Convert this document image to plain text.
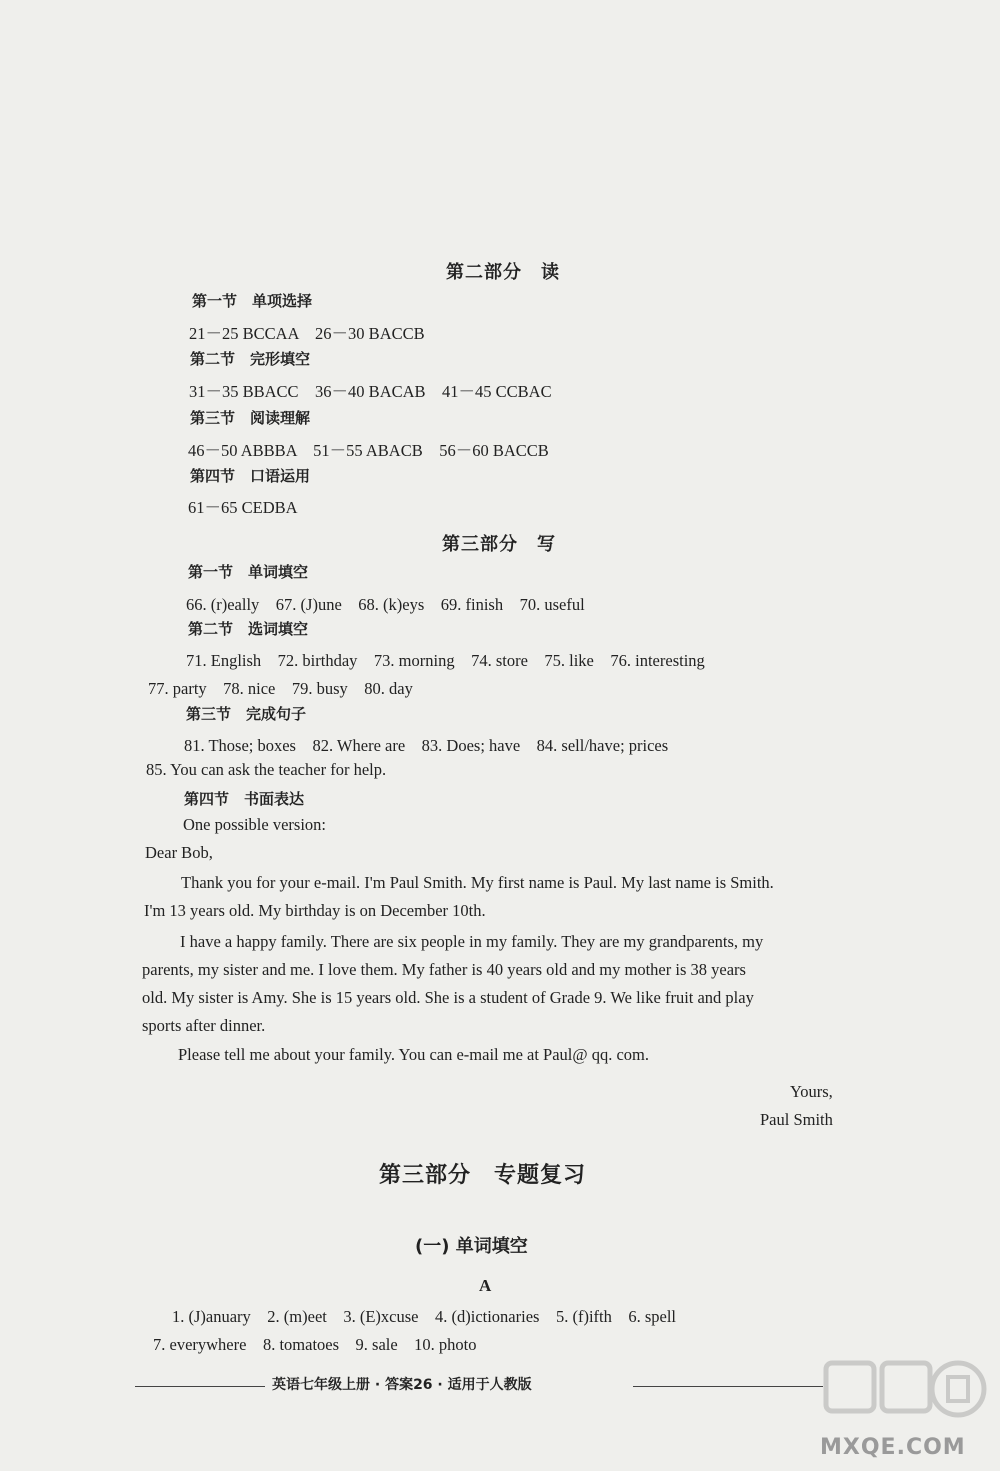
第二部分　读
第一节　单项选择
21－25 BCCAA　26－30 BACCB
第二节　完形填空
31－35 BBACC　36－40 BACAB　41－45 CCBAC
第三节　阅读理解
46－50 ABBBA　51－55 ABACB　56－60 BACCB
第四节　口语运用
61－65 CEDBA
第三部分　写
第一节　单词填空
66. (r)eally　67. (J)une　68. (k)eys　69. finish　70. useful
第二节　选词填空
71. English　72. birthday　73. morning　74. store　75. like　76. interesting
77. party　78. nice　79. busy　80. day
第三节　完成句子
81. Those; boxes　82. Where are　83. Does; have　84. sell/have; prices
85. You can ask the teacher for help.
第四节　书面表达
One possible version:
Dear Bob,
Thank you for your e-mail. I'm Paul Smith. My first name is Paul. My last name is Smith.
I'm 13 years old. My birthday is on December 10th.
I have a happy family. There are six people in my family. They are my grandparents, my
parents, my sister and me. I love them. My father is 40 years old and my mother is 38 years
old. My sister is Amy. She is 15 years old. She is a student of Grade 9. We like fruit and play
sports after dinner.
Please tell me about your family. You can e-mail me at Paul@ qq. com.
Yours,
Paul Smith
第三部分　专题复习
(一) 单词填空
A
1. (J)anuary　2. (m)eet　3. (E)xcuse　4. (d)ictionaries　5. (f)ifth　6. spell
7. everywhere　8. tomatoes　9. sale　10. photo
英语七年级上册 · 答案26 · 适用于人教版
MXQE.COM
